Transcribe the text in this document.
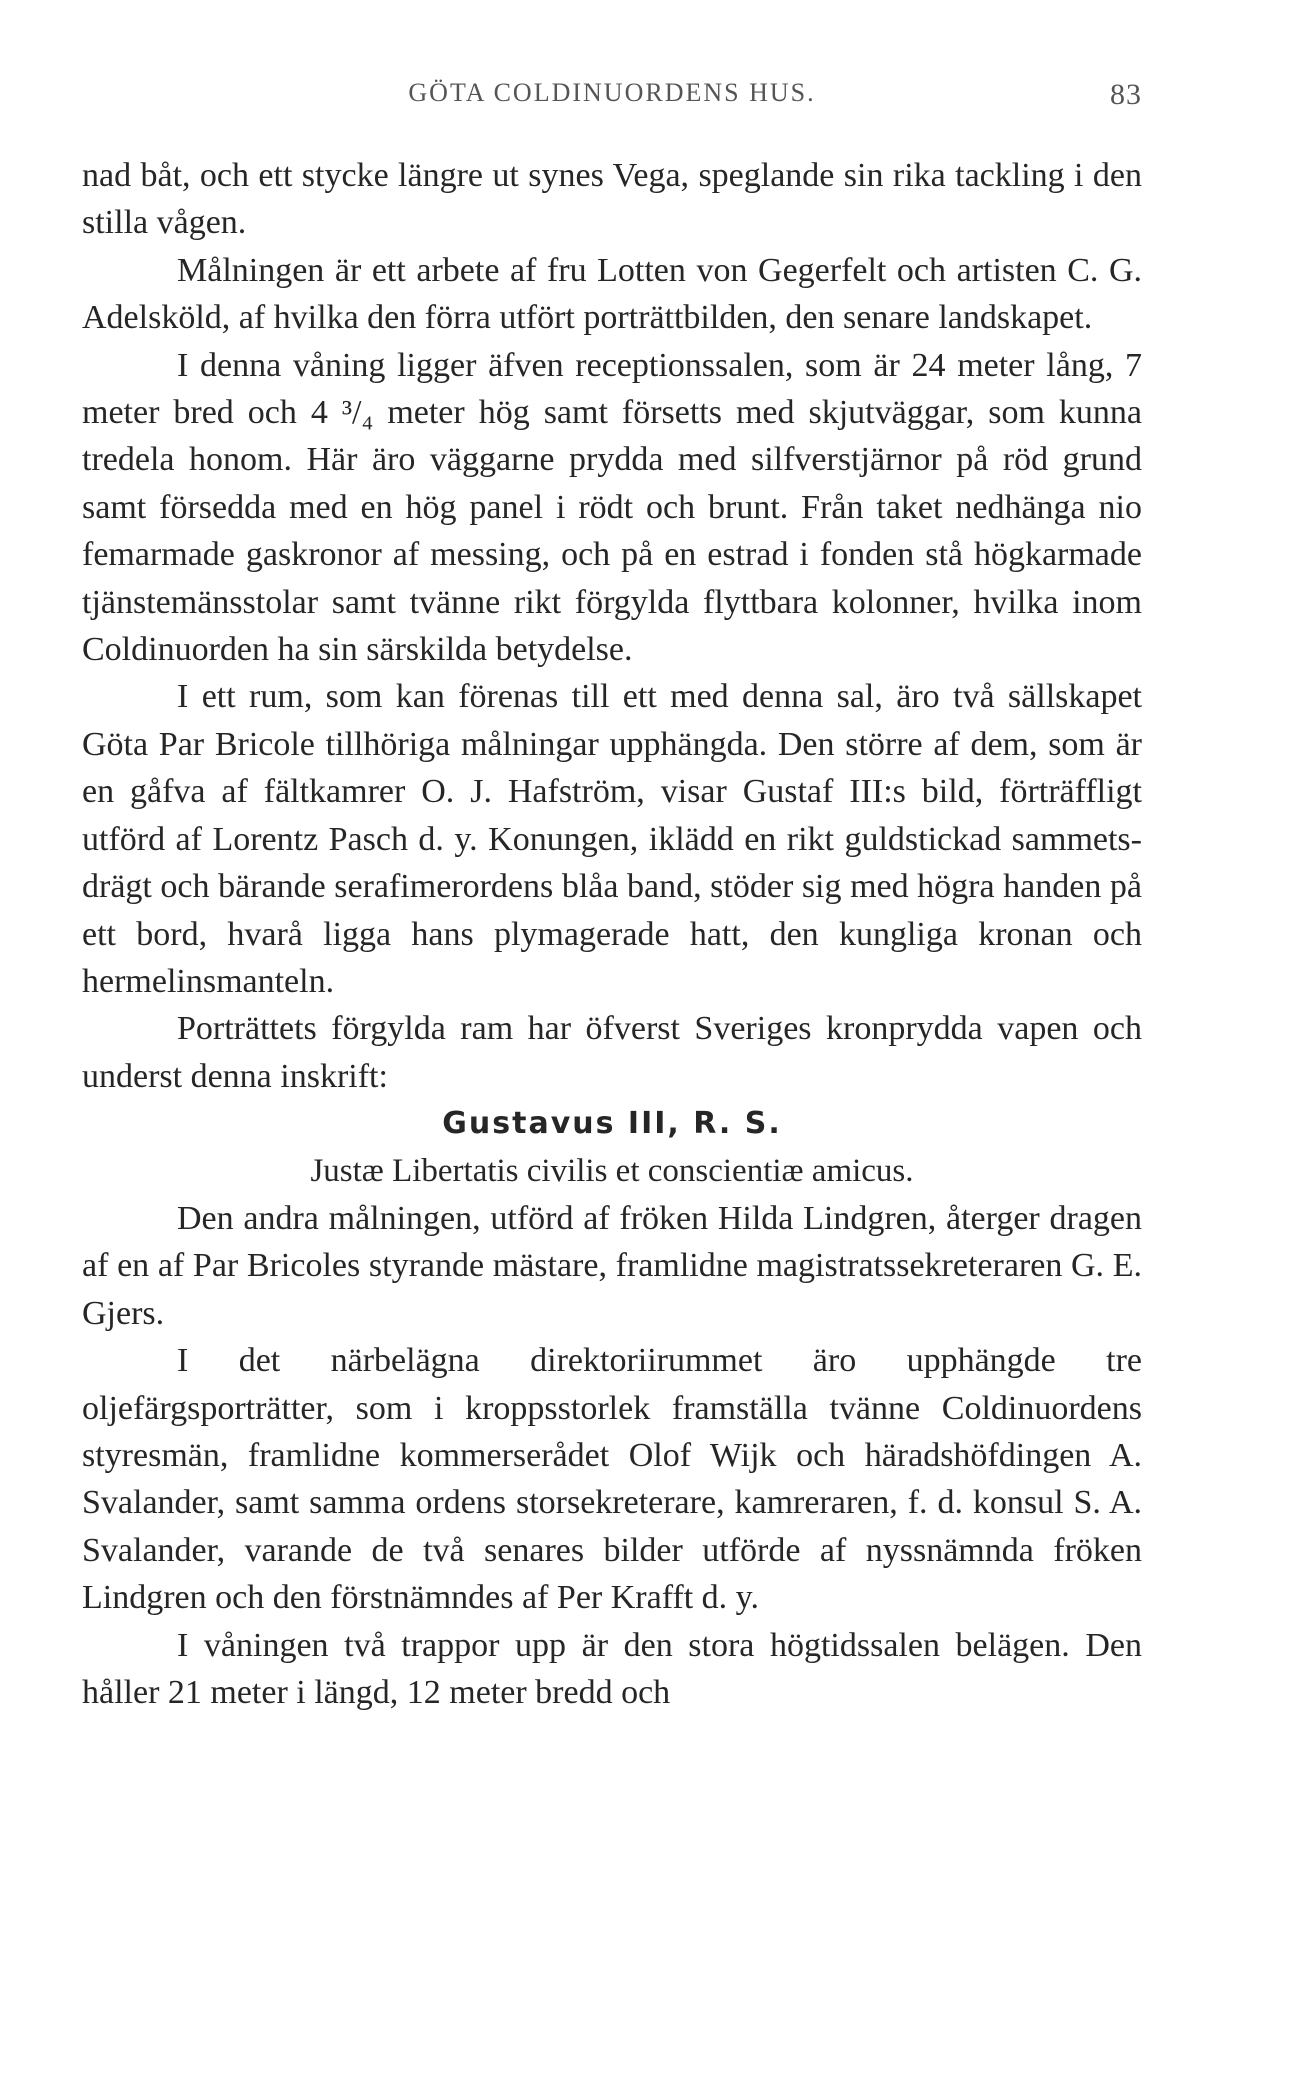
GÖTA COLDINUORDENS HUS.	83

nad båt, och ett stycke längre ut synes Vega, speglande sin rika tackling i den stilla vågen.

Målningen är ett arbete af fru Lotten von Gegerfelt och artisten C. G. Adelsköld, af hvilka den förra utfört porträttbilden, den senare landskapet.

I denna våning ligger äfven receptionssalen, som är 24 meter lång, 7 meter bred och 4 ³/₄ meter hög samt försetts med skjutväggar, som kunna tredela honom. Här äro väggarne prydda med silfverstjärnor på röd grund samt försedda med en hög panel i rödt och brunt. Från taket nedhänga nio femarmade gaskronor af messing, och på en estrad i fonden stå högkarmade tjänstemänsstolar samt tvänne rikt förgylda flyttbara kolonner, hvilka inom Coldinuorden ha sin särskilda betydelse.

I ett rum, som kan förenas till ett med denna sal, äro två sällskapet Göta Par Bricole tillhöriga målningar upphängda. Den större af dem, som är en gåfva af fältkamrer O. J. Hafström, visar Gustaf III:s bild, förträffligt utförd af Lorentz Pasch d. y. Konungen, iklädd en rikt guldstickad sammetsdrägt och bärande serafimerordens blåa band, stöder sig med högra handen på ett bord, hvarå ligga hans plymagerade hatt, den kungliga kronan och hermelinsmanteln.

Porträttets förgylda ram har öfverst Sveriges kronprydda vapen och underst denna inskrift:

Gustavus III, R. S.

Justæ Libertatis civilis et conscientiæ amicus.

Den andra målningen, utförd af fröken Hilda Lindgren, återger dragen af en af Par Bricoles styrande mästare, framlidne magistratssekreteraren G. E. Gjers.

I det närbelägna direktoriirummet äro upphängde tre oljefärgsporträtter, som i kroppsstorlek framställa tvänne Coldinuordens styresmän, framlidne kommerserådet Olof Wijk och häradshöfdingen A. Svalander, samt samma ordens storsekreterare, kamreraren, f. d. konsul S. A. Svalander, varande de två senares bilder utförde af nyssnämnda fröken Lindgren och den förstnämndes af Per Krafft d. y.

I våningen två trappor upp är den stora högtidssalen belägen. Den håller 21 meter i längd, 12 meter bredd och
